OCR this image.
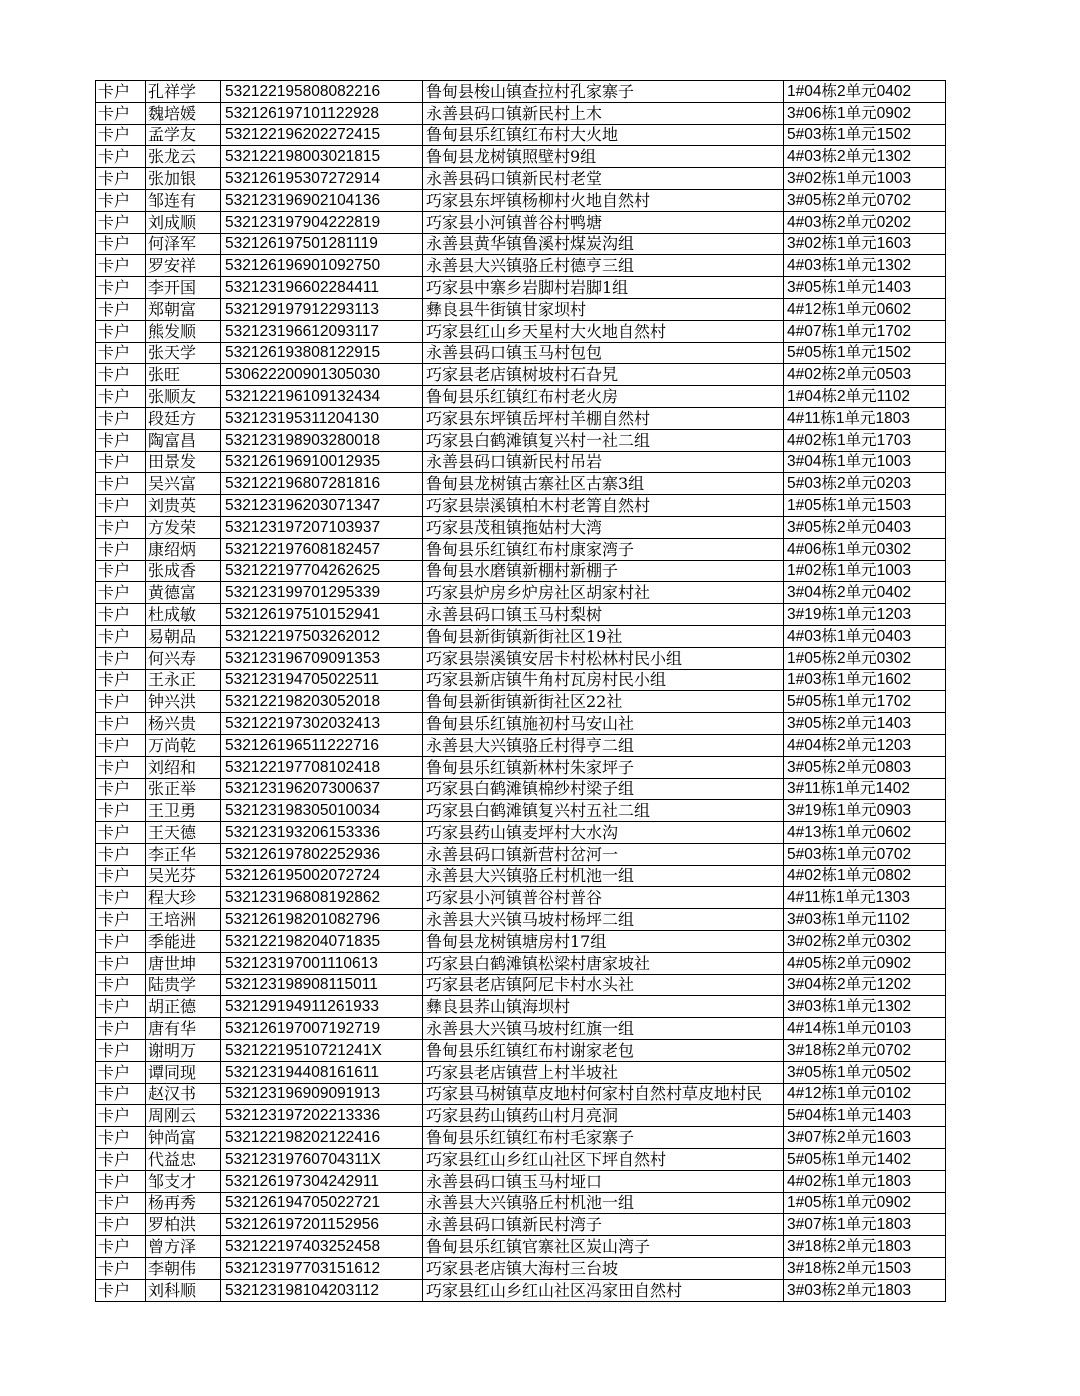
卡户	孔祥学	532122195808082216	鲁甸县梭山镇查拉村孔家寨子	1#04栋2单元0402
卡户	魏培媛	532126197101122928	永善县码口镇新民村上木	3#06栋1单元0902
卡户	孟学友	532122196202272415	鲁甸县乐红镇红布村大火地	5#03栋1单元1502
卡户	张龙云	532122198003021815	鲁甸县龙树镇照壁村9组	4#03栋2单元1302
卡户	张加银	532126195307272914	永善县码口镇新民村老堂	3#02栋1单元1003
卡户	邹连有	532123196902104136	巧家县东坪镇杨柳村火地自然村	3#05栋2单元0702
卡户	刘成顺	532123197904222819	巧家县小河镇普谷村鸭塘	4#03栋2单元0202
卡户	何泽军	532126197501281119	永善县黄华镇鲁溪村煤炭沟组	3#02栋1单元1603
卡户	罗安祥	532126196901092750	永善县大兴镇骆丘村德亨三组	4#03栋1单元1302
卡户	李开国	532123196602284411	巧家县中寨乡岩脚村岩脚1组	3#05栋1单元1403
卡户	郑朝富	532129197912293113	彝良县牛街镇甘家坝村	4#12栋1单元0602
卡户	熊发顺	532123196612093117	巧家县红山乡天星村大火地自然村	4#07栋1单元1702
卡户	张天学	532126193808122915	永善县码口镇玉马村包包	5#05栋1单元1502
卡户	张旺	530622200901305030	巧家县老店镇树坡村石旮旯	4#02栋2单元0503
卡户	张顺友	532122196109132434	鲁甸县乐红镇红布村老火房	1#04栋2单元1102
卡户	段廷方	532123195311204130	巧家县东坪镇岳坪村羊棚自然村	4#11栋1单元1803
卡户	陶富昌	532123198903280018	巧家县白鹤滩镇复兴村一社二组	4#02栋1单元1703
卡户	田景发	532126196910012935	永善县码口镇新民村吊岩	3#04栋1单元1003
卡户	吴兴富	532122196807281816	鲁甸县龙树镇古寨社区古寨3组	5#03栋2单元0203
卡户	刘贵英	532123196203071347	巧家县崇溪镇柏木村老箐自然村	1#05栋1单元1503
卡户	方发荣	532123197207103937	巧家县茂租镇拖姑村大湾	3#05栋2单元0403
卡户	康绍炳	532122197608182457	鲁甸县乐红镇红布村康家湾子	4#06栋1单元0302
卡户	张成香	532122197704262625	鲁甸县水磨镇新棚村新棚子	1#02栋1单元1003
卡户	黄德富	532123199701295339	巧家县炉房乡炉房社区胡家村社	3#04栋2单元0402
卡户	杜成敏	532126197510152941	永善县码口镇玉马村梨树	3#19栋1单元1203
卡户	易朝品	532122197503262012	鲁甸县新街镇新街社区19社	4#03栋1单元0403
卡户	何兴寿	532123196709091353	巧家县崇溪镇安居卡村松林村民小组	1#05栋2单元0302
卡户	王永正	532123194705022511	巧家县新店镇牛角村瓦房村民小组	1#03栋1单元1602
卡户	钟兴洪	532122198203052018	鲁甸县新街镇新街社区22社	5#05栋1单元1702
卡户	杨兴贵	532122197302032413	鲁甸县乐红镇施初村马安山社	3#05栋2单元1403
卡户	万尚乾	532126196511222716	永善县大兴镇骆丘村得亨二组	4#04栋2单元1203
卡户	刘绍和	532122197708102418	鲁甸县乐红镇新林村朱家坪子	3#05栋2单元0803
卡户	张正举	532123196207300637	巧家县白鹤滩镇棉纱村梁子组	3#11栋1单元1402
卡户	王卫勇	532123198305010034	巧家县白鹤滩镇复兴村五社二组	3#19栋1单元0903
卡户	王天德	532123193206153336	巧家县药山镇麦坪村大水沟	4#13栋1单元0602
卡户	李正华	532126197802252936	永善县码口镇新营村岔河一	5#03栋1单元0702
卡户	吴光芬	532126195002072724	永善县大兴镇骆丘村机池一组	4#02栋1单元0802
卡户	程大珍	532123196808192862	巧家县小河镇普谷村普谷	4#11栋1单元1303
卡户	王培洲	532126198201082796	永善县大兴镇马坡村杨坪二组	3#03栋1单元1102
卡户	季能进	532122198204071835	鲁甸县龙树镇塘房村17组	3#02栋2单元0302
卡户	唐世坤	532123197001110613	巧家县白鹤滩镇松梁村唐家坡社	4#05栋2单元0902
卡户	陆贵学	532123198908115011	巧家县老店镇阿尼卡村水头社	3#04栋2单元1202
卡户	胡正德	532129194911261933	彝良县荞山镇海坝村	3#03栋1单元1302
卡户	唐有华	532126197007192719	永善县大兴镇马坡村红旗一组	4#14栋1单元0103
卡户	谢明万	53212219510721241X	鲁甸县乐红镇红布村谢家老包	3#18栋2单元0702
卡户	谭同现	532123194408161611	巧家县老店镇营上村半坡社	3#05栋1单元0502
卡户	赵汉书	532123196909091913	巧家县马树镇草皮地村何家村自然村草皮地村民	4#12栋1单元0102
卡户	周刚云	532123197202213336	巧家县药山镇药山村月亮洞	5#04栋1单元1403
卡户	钟尚富	532122198202122416	鲁甸县乐红镇红布村毛家寨子	3#07栋2单元1603
卡户	代益忠	53212319760704311X	巧家县红山乡红山社区下坪自然村	5#05栋1单元1402
卡户	邹支才	532126197304242911	永善县码口镇玉马村垭口	4#02栋1单元1803
卡户	杨再秀	532126194705022721	永善县大兴镇骆丘村机池一组	1#05栋1单元0902
卡户	罗柏洪	532126197201152956	永善县码口镇新民村湾子	3#07栋1单元1803
卡户	曾方泽	532122197403252458	鲁甸县乐红镇官寨社区炭山湾子	3#18栋2单元1803
卡户	李朝伟	532123197703151612	巧家县老店镇大海村三台坡	3#18栋2单元1503
卡户	刘科顺	532123198104203112	巧家县红山乡红山社区冯家田自然村	3#03栋2单元1803
